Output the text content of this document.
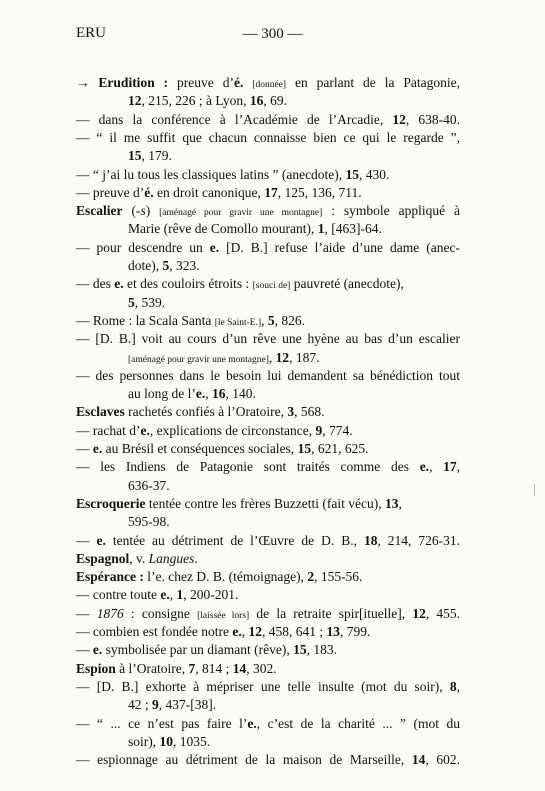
ERU	— 300 —
→ Erudition : preuve d’é. [donnée] en parlant de la Patagonie,
12, 215, 226 ; à Lyon, 16, 69.
— dans la conférence à l’Académie de l’Arcadie, 12, 638-40.
— “ il me suffit que chacun connaisse bien ce qui le regarde ”,
15, 179.
— “ j’ai lu tous les classiques latins ” (anecdote), 15, 430.
— preuve d’é. en droit canonique, 17, 125, 136, 711.
Escalier (-s) [aménagé pour gravir une montagne] : symbole appliqué à
Marie (rêve de Comollo mourant), 1, [463]-64.
— pour descendre un e. [D. B.] refuse l’aide d’une dame (anec-
dote), 5, 323.
— des e. et des couloirs étroits : [souci de] pauvreté (anecdote),
5, 539.
— Rome : la Scala Santa [le Saint-E.], 5, 826.
— [D. B.] voit au cours d’un rêve une hyène au bas d’un escalier
[aménagé pour gravir une montagne], 12, 187.
— des personnes dans le besoin lui demandent sa bénédiction tout
au long de l’e., 16, 140.
Esclaves rachetés confiés à l’Oratoire, 3, 568.
— rachat d’e., explications de circonstance, 9, 774.
— e. au Brésil et conséquences sociales, 15, 621, 625.
— les Indiens de Patagonie sont traités comme des e., 17,
636-37.
Escroquerie tentée contre les frères Buzzetti (fait vécu), 13,
595-98.
— e. tentée au détriment de l’Œuvre de D. B., 18, 214, 726-31.
Espagnol, v. Langues.
Espérance : l’e. chez D. B. (témoignage), 2, 155-56.
— contre toute e., 1, 200-201.
— 1876 : consigne [laissée lors] de la retraite spir[ituelle], 12, 455.
— combien est fondée notre e., 12, 458, 641 ; 13, 799.
— e. symbolisée par un diamant (rêve), 15, 183.
Espion à l’Oratoire, 7, 814 ; 14, 302.
— [D. B.] exhorte à mépriser une telle insulte (mot du soir), 8,
42 ; 9, 437-[38].
— “ ... ce n’est pas faire l’e., c’est de la charité ... ” (mot du
soir), 10, 1035.
— espionnage au détriment de la maison de Marseille, 14, 602.
